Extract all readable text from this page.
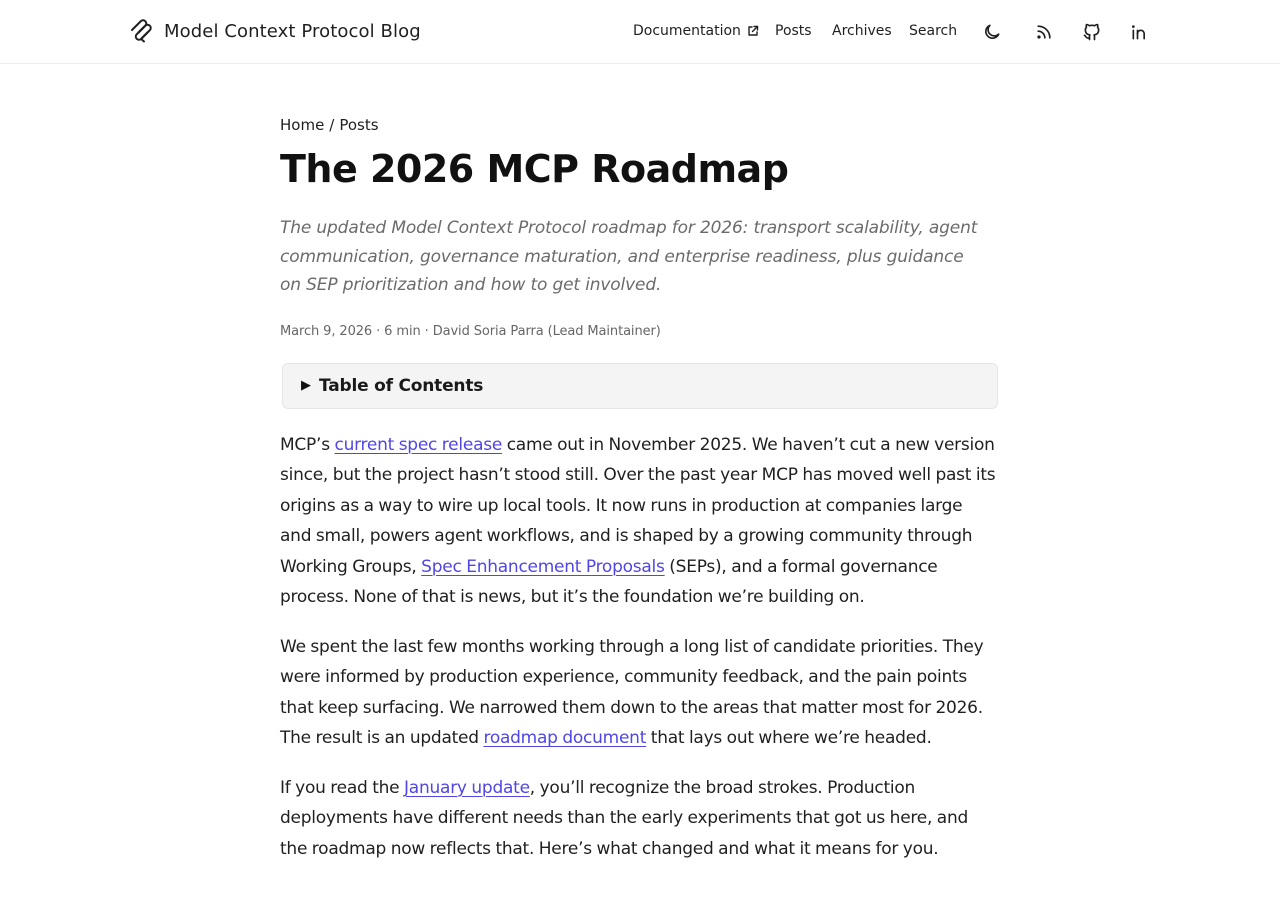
Model Context Protocol Blog	Documentation Posts Archives Search
Home / Posts
The 2026 MCP Roadmap

The updated Model Context Protocol roadmap for 2026: transport scalability, agent communication, governance maturation, and enterprise readiness, plus guidance on SEP prioritization and how to get involved.

March 9, 2026 · 6 min · David Soria Parra (Lead Maintainer)
▶ Table of Contents

MCP’s current spec release came out in November 2025. We haven’t cut a new version since, but the project hasn’t stood still. Over the past year MCP has moved well past its origins as a way to wire up local tools. It now runs in production at companies large and small, powers agent workflows, and is shaped by a growing community through Working Groups, Spec Enhancement Proposals (SEPs), and a formal governance process. None of that is news, but it’s the foundation we’re building on.

We spent the last few months working through a long list of candidate priorities. They were informed by production experience, community feedback, and the pain points that keep surfacing. We narrowed them down to the areas that matter most for 2026. The result is an updated roadmap document that lays out where we’re headed.

If you read the January update, you’ll recognize the broad strokes. Production deployments have different needs than the early experiments that got us here, and the roadmap now reflects that. Here’s what changed and what it means for you.
